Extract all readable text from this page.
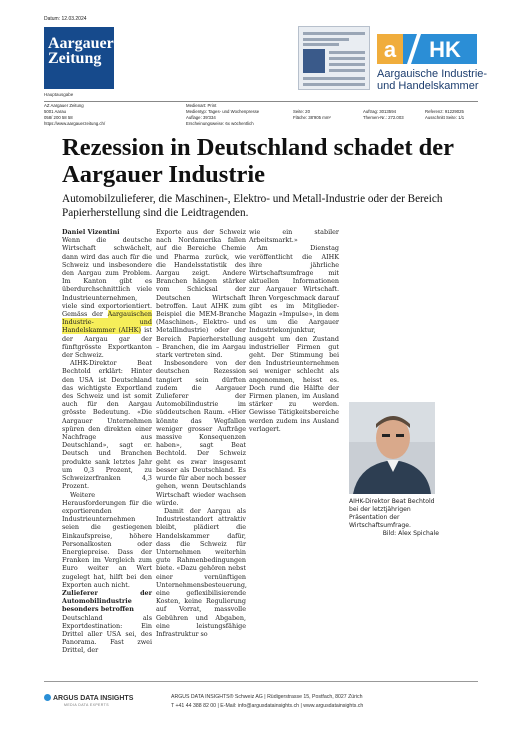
Datum: 12.03.2024
Aargauer
Zeitung
Hauptausgabe
a HK
Aargauische Industrie-
und Handelskammer
AZ Aargauer Zeitung
5001 Aarau
058/ 200 58 58
https://www.aargauerzeitung.ch/
Medienart: Print
Medientyp: Tages- und Wochenpresse
Auflage: 39'334
Erscheinungsweise: 6x wöchentlich
Seite: 20
Fläche: 38'905 mm²
Auftrag: 3013594
Themen-Nr.: 272.003
Referenz: 91229025
Ausschnitt Seite: 1/1
Rezession in Deutschland schadet der Aargauer Industrie
Automobilzulieferer, die Maschinen-, Elektro- und Metall-Industrie oder der Bereich Papierherstellung sind die Leidtragenden.

Daniel Vizentini

Wenn die deutsche Wirtschaft schwächelt, dann wird das auch für die Schweiz und insbesondere den Aargau zum Problem. Im Kanton gibt es überdurchschnittlich viele Industrieunternehmen, viele sind exportorientiert. Gemäss der Aargauischen Industrie- und Handelskammer (AIHK) ist der Aargau gar der fünftgrösste Exportkanton der Schweiz.

AIHK-Direktor Beat Bechtold erklärt: Hinter den USA ist Deutschland das wichtigste Exportland des Schweiz und ist somit auch für den Aargau grösste Bedeutung. «Die Aargauer Unternehmen spüren den direkten einer Nachfrage aus Deutschland», sagt er. Deutsch und Branchen produkte sank letztes Jahr um 0,3 Prozent, zu Schweizerfranken 4,3 Prozent.

Weitere Herausforderungen für die exportierenden Industrieunternehmen seien die gestiegenen Einkaufspreise, höhere Personalkosten oder Energiepreise. Dass der Franken im Vergleich zum Euro weiter an Wert zugelegt hat, hilft bei den Exporten auch nicht.

Zulieferer der Automobilindustrie besonders betroffen

Deutschland als Exportdestination: Ein Drittel aller USA sei, des Panorama. Fast zwei Drittel, der

Exporte aus der Schweiz nach Nordamerika fallen auf die Bereiche Chemie und Pharma zurück, wie die Handelsstatistik des Aargau zeigt. Andere Branchen hängen stärker vom Schicksal der Deutschen Wirtschaft betroffen. Laut AIHK zum Beispiel die MEM-Branche (Maschinen-, Elektro- und Metallindustrie) oder der Bereich Papierherstellung – Branchen, die im Aargau stark vertreten sind.

Insbesondere von der deutschen Rezession tangiert sein dürften zudem die Aargauer Zulieferer der Automobilindustrie im süddeutschen Raum. «Hier könnte das Wegfallen weniger grosser Aufträge massive Konsequenzen haben», sagt Beat Bechtold. Der Schweiz geht es zwar insgesamt besser als Deutschland. Es wurde für aber noch besser gehen, wenn Deutschlands Wirtschaft wieder wachsen würde.

Damit der Aargau als Industriestandort attraktiv bleibt, plädiert die Handelskammer dafür, dass die Schweiz für Unternehmen weiterhin gute Rahmenbedingungen biete. «Dazu gehören nebst einer vernünftigen Unternehmensbesteuerung, eine geflexibilisierende Kosten, keine Regulierung auf Vorrat, massvolle Gebühren und Abgaben, eine leistungsfähige Infrastruktur so

wie ein stabiler Arbeitsmarkt.»

Am Dienstag veröffentlicht die AIHK ihre jährliche Wirtschaftsumfrage mit aktuellen Informationen zur Aargauer Wirtschaft. Ihren Vorgeschmack darauf gibt es im Mitglieder-Magazin «Impulse», in dem es um die Aargauer Industriekonjunktur, ausgeht um den Zustand industrieller Firmen gut geht. Der Stimmung bei den Industrieunternehmen sei weniger schlecht als angenommen, heisst es. Doch rund die Hälfte der Firmen planen, im Ausland stärker zu werden. Gewisse Tätigkeitsbereiche werden zudem ins Ausland verlagert.

AIHK-Direktor Beat Bechtold bei der letztjährigen Präsentation der Wirtschaftsumfrage.
Bild: Alex Spichale
ARGUS DATA INSIGHTS
MEDIA DATA EXPERTS
ARGUS DATA INSIGHTS® Schweiz AG | Rüdigerstrasse 15, Postfach, 8027 Zürich
T +41 44 388 82 00 | E-Mail: info@argusdatainsights.ch | www.argusdatainsights.ch
